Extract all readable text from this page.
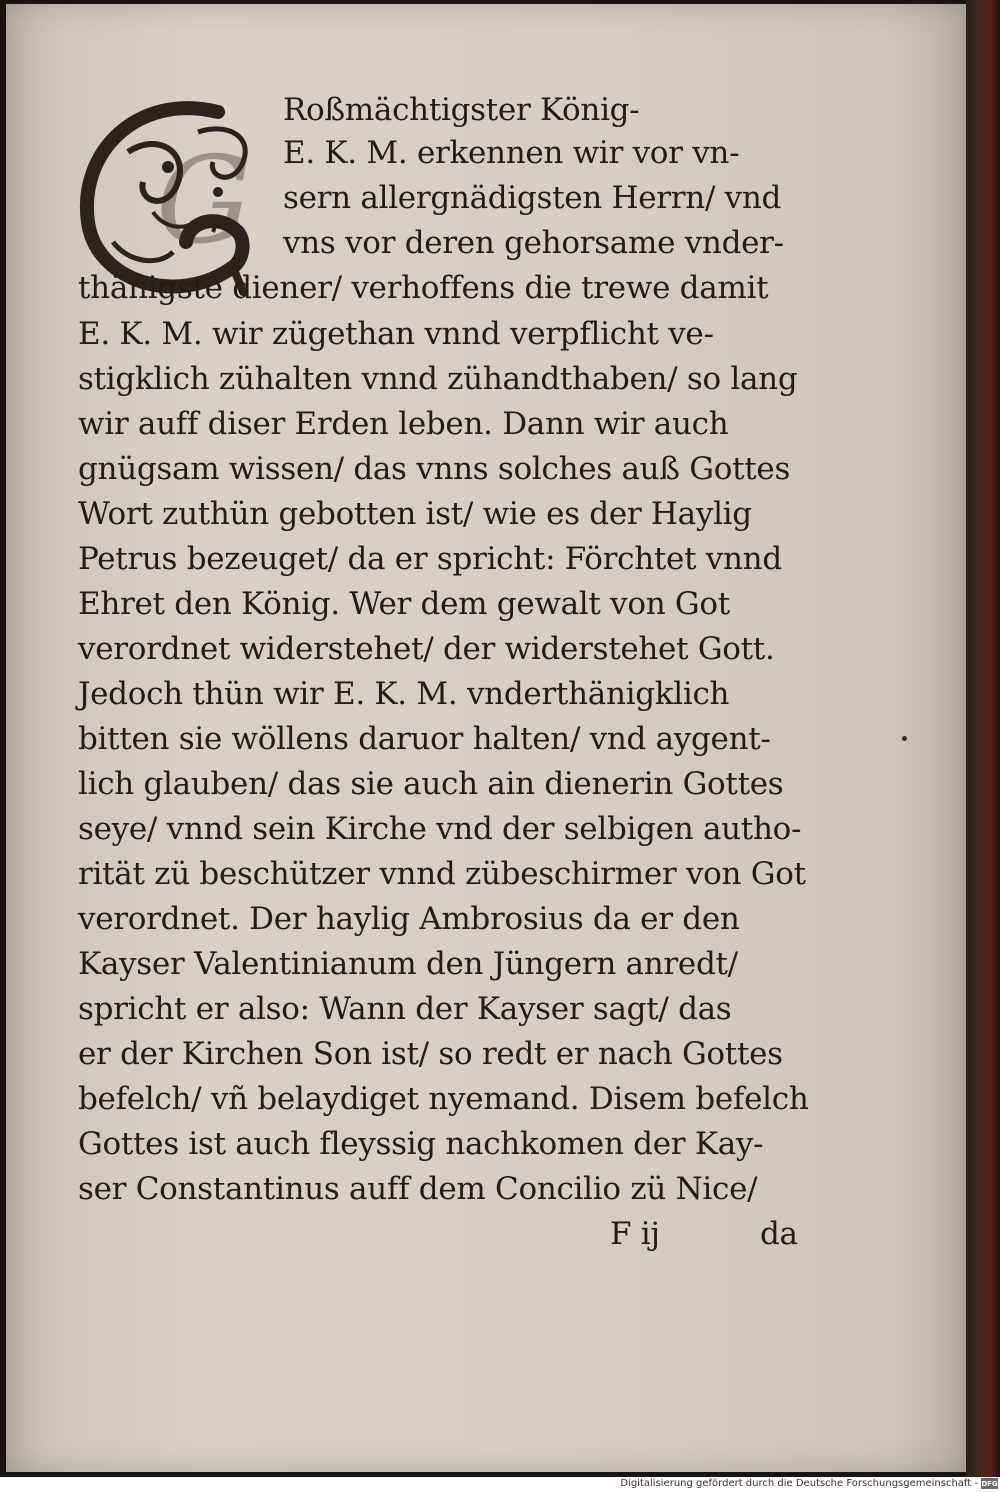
G
Roßmächtigster König-
E. K. M. erkennen wir vor vn-
sern allergnädigsten Herrn/ vnd
vns vor deren gehorsame vnder-
thänigste diener/ verhoffens die trewe damit
E. K. M. wir zügethan vnnd verpflicht ve-
stigklich zühalten vnnd zühandthaben/ so lang
wir auff diser Erden leben. Dann wir auch
gnügsam wissen/ das vnns solches auß Gottes
Wort zuthün gebotten ist/ wie es der Haylig
Petrus bezeuget/ da er spricht: Förchtet vnnd
Ehret den König. Wer dem gewalt von Got
verordnet widerstehet/ der widerstehet Gott.
Jedoch thün wir E. K. M. vnderthänigklich
bitten sie wöllens daruor halten/ vnd aygent-
lich glauben/ das sie auch ain dienerin Gottes
seye/ vnnd sein Kirche vnd der selbigen autho-
rität zü beschützer vnnd zübeschirmer von Got
verordnet. Der haylig Ambrosius da er den
Kayser Valentinianum den Jüngern anredt/
spricht er also: Wann der Kayser sagt/ das
er der Kirchen Son ist/ so redt er nach Gottes
befelch/ vñ belaydiget nyemand. Disem befelch
Gottes ist auch fleyssig nachkomen der Kay-
ser Constantinus auff dem Concilio zü Nice/
F ij	da
Digitalisierung gefördert durch die Deutsche Forschungsgemeinschaft - DFG
